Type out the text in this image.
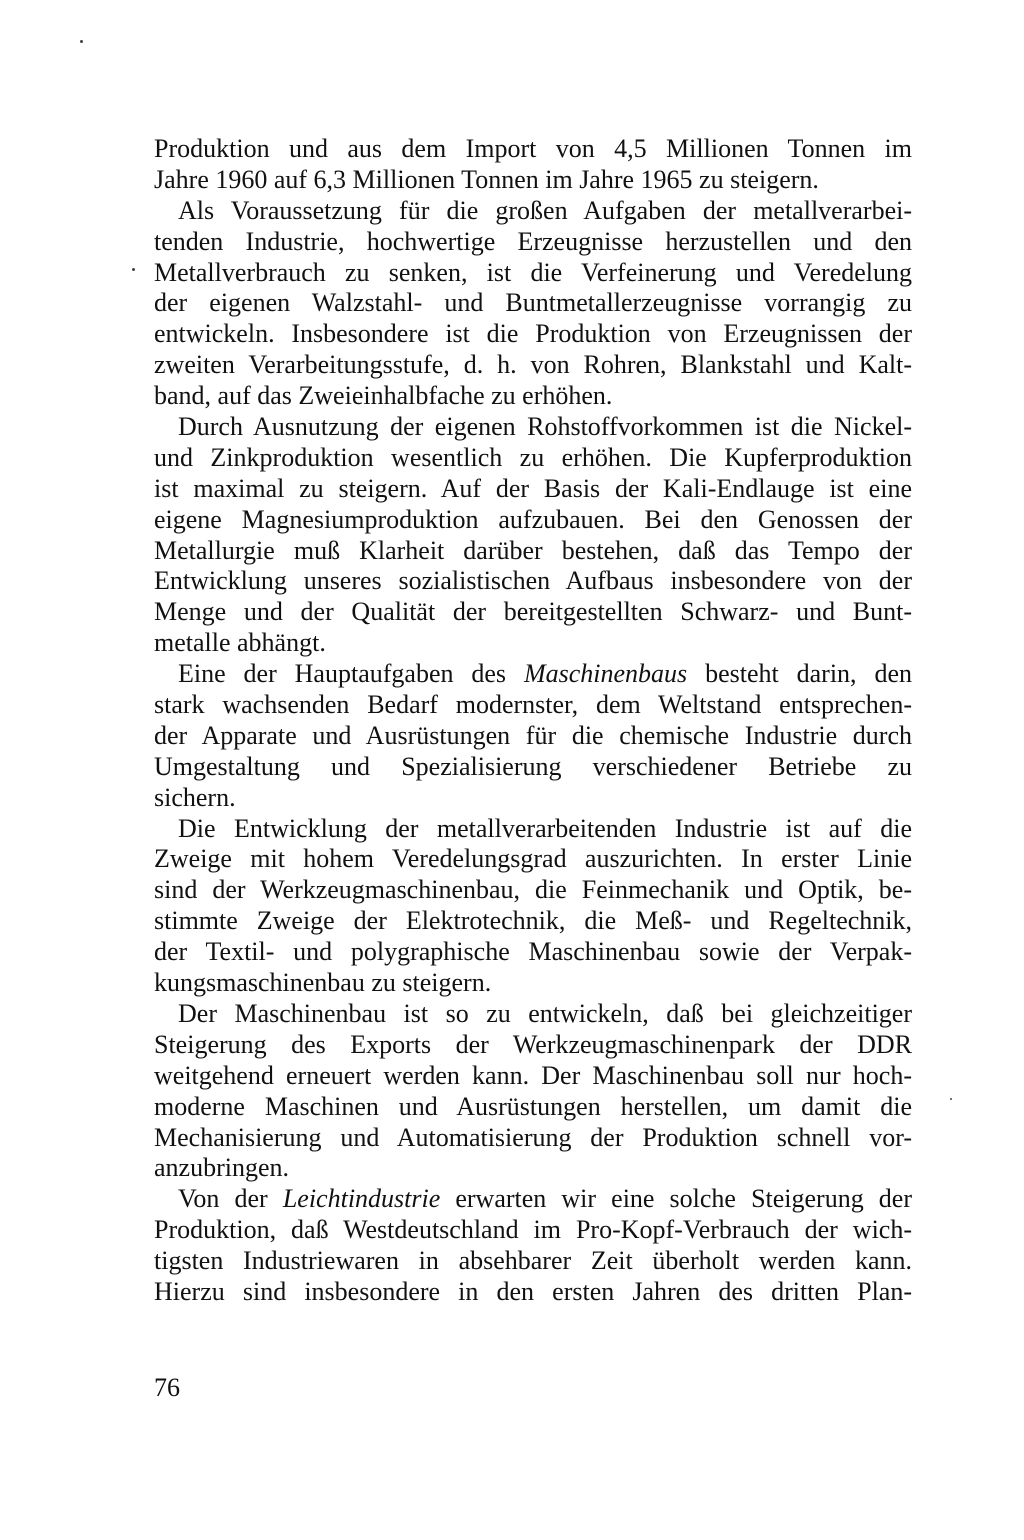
Produktion und aus dem Import von 4,5 Millionen Tonnen im
Jahre 1960 auf 6,3 Millionen Tonnen im Jahre 1965 zu steigern.
Als Voraussetzung für die großen Aufgaben der metallverarbei-
tenden Industrie, hochwertige Erzeugnisse herzustellen und den
Metallverbrauch zu senken, ist die Verfeinerung und Veredelung
der eigenen Walzstahl- und Buntmetallerzeugnisse vorrangig zu
entwickeln. Insbesondere ist die Produktion von Erzeugnissen der
zweiten Verarbeitungsstufe, d. h. von Rohren, Blankstahl und Kalt-
band, auf das Zweieinhalbfache zu erhöhen.
Durch Ausnutzung der eigenen Rohstoffvorkommen ist die Nickel-
und Zinkproduktion wesentlich zu erhöhen. Die Kupferproduktion
ist maximal zu steigern. Auf der Basis der Kali-Endlauge ist eine
eigene Magnesiumproduktion aufzubauen. Bei den Genossen der
Metallurgie muß Klarheit darüber bestehen, daß das Tempo der
Entwicklung unseres sozialistischen Aufbaus insbesondere von der
Menge und der Qualität der bereitgestellten Schwarz- und Bunt-
metalle abhängt.
Eine der Hauptaufgaben des Maschinenbaus besteht darin, den
stark wachsenden Bedarf modernster, dem Weltstand entsprechen-
der Apparate und Ausrüstungen für die chemische Industrie durch
Umgestaltung und Spezialisierung verschiedener Betriebe zu
sichern.
Die Entwicklung der metallverarbeitenden Industrie ist auf die
Zweige mit hohem Veredelungsgrad auszurichten. In erster Linie
sind der Werkzeugmaschinenbau, die Feinmechanik und Optik, be-
stimmte Zweige der Elektrotechnik, die Meß- und Regeltechnik,
der Textil- und polygraphische Maschinenbau sowie der Verpak-
kungsmaschinenbau zu steigern.
Der Maschinenbau ist so zu entwickeln, daß bei gleichzeitiger
Steigerung des Exports der Werkzeugmaschinenpark der DDR
weitgehend erneuert werden kann. Der Maschinenbau soll nur hoch-
moderne Maschinen und Ausrüstungen herstellen, um damit die
Mechanisierung und Automatisierung der Produktion schnell vor-
anzubringen.
Von der Leichtindustrie erwarten wir eine solche Steigerung der
Produktion, daß Westdeutschland im Pro-Kopf-Verbrauch der wich-
tigsten Industriewaren in absehbarer Zeit überholt werden kann.
Hierzu sind insbesondere in den ersten Jahren des dritten Plan-
76
